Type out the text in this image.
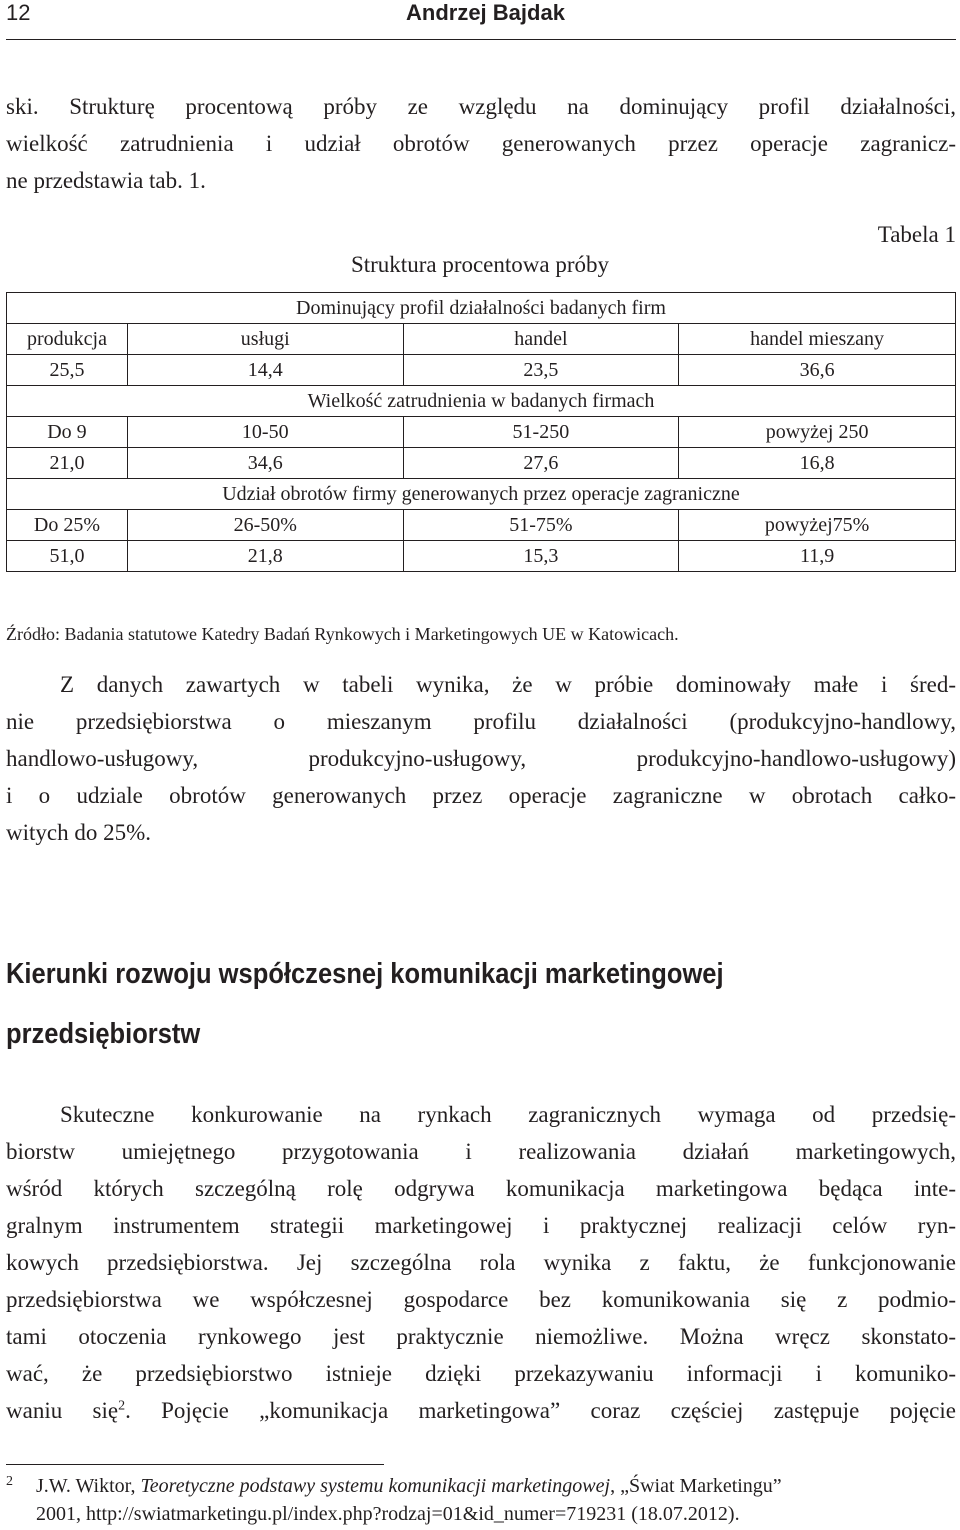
12	Andrzej Bajdak
ski. Strukturę procentową próby ze względu na dominujący profil działalności,
wielkość zatrudnienia i udział obrotów generowanych przez operacje zagranicz-
ne przedstawia tab. 1.
Tabela 1
Struktura procentowa próby
Dominujący profil działalności badanych firm			
produkcja	usługi	handel	handel mieszany
25,5	14,4	23,5	36,6
Wielkość zatrudnienia w badanych firmach			
Do 9	10-50	51-250	powyżej 250
21,0	34,6	27,6	16,8
Udział obrotów firmy generowanych przez operacje zagraniczne			
Do 25%	26-50%	51-75%	powyżej75%
51,0	21,8	15,3	11,9
Źródło: Badania statutowe Katedry Badań Rynkowych i Marketingowych UE w Katowicach.
Z danych zawartych w tabeli wynika, że w próbie dominowały małe i śred-
nie przedsiębiorstwa o mieszanym profilu działalności (produkcyjno-handlowy,
handlowo-usługowy, produkcyjno-usługowy, produkcyjno-handlowo-usługowy)
i o udziale obrotów generowanych przez operacje zagraniczne w obrotach całko-
witych do 25%.
Kierunki rozwoju współczesnej komunikacji marketingowej
przedsiębiorstw
Skuteczne konkurowanie na rynkach zagranicznych wymaga od przedsię-
biorstw umiejętnego przygotowania i realizowania działań marketingowych,
wśród których szczególną rolę odgrywa komunikacja marketingowa będąca inte-
gralnym instrumentem strategii marketingowej i praktycznej realizacji celów ryn-
kowych przedsiębiorstwa. Jej szczególna rola wynika z faktu, że funkcjonowanie
przedsiębiorstwa we współczesnej gospodarce bez komunikowania się z podmio-
tami otoczenia rynkowego jest praktycznie niemożliwe. Można wręcz skonstato-
wać, że przedsiębiorstwo istnieje dzięki przekazywaniu informacji i komuniko-
waniu się$^2$. Pojęcie „komunikacja marketingowa” coraz częściej zastępuje pojęcie
2 J.W. Wiktor, Teoretyczne podstawy systemu komunikacji marketingowej, „Świat Marketingu”
2001, http://swiatmarketingu.pl/index.php?rodzaj=01&id_numer=719231 (18.07.2012).
